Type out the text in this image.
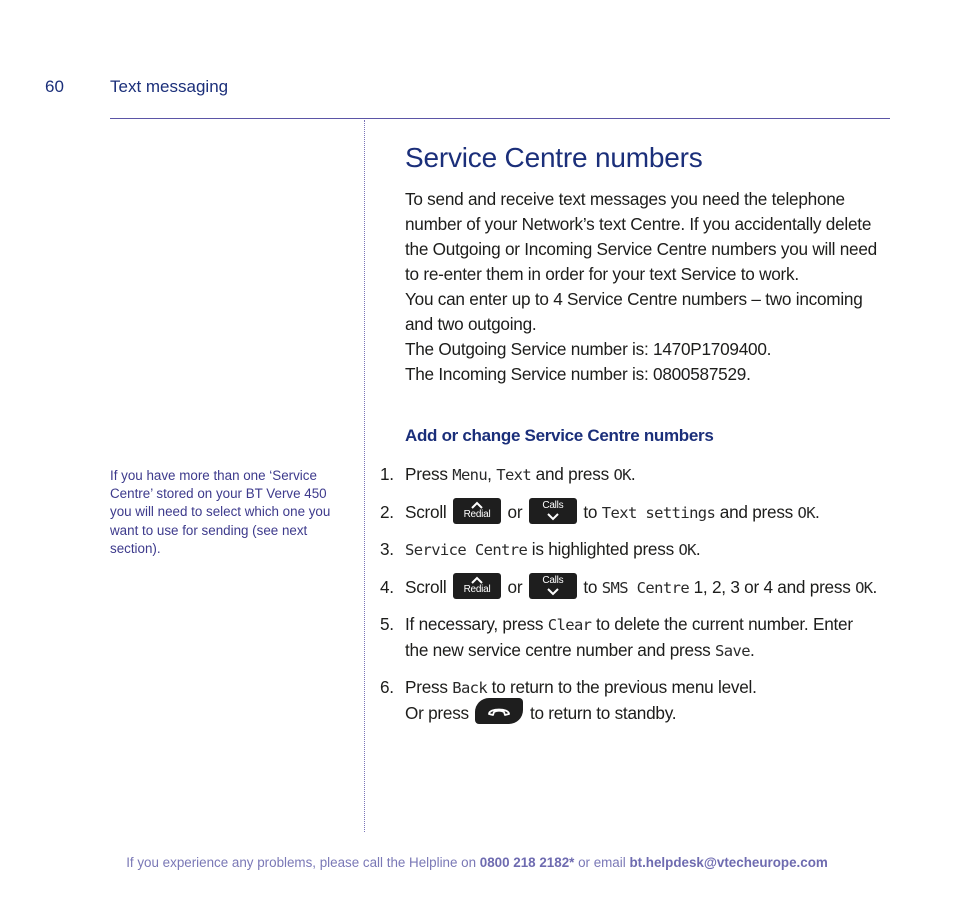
60	Text messaging
If you have more than one ‘Service Centre’ stored on your BT Verve 450 you will need to select which one you want to use for sending (see next section).
Service Centre numbers

To send and receive text messages you need the telephone number of your Network’s text Centre. If you accidentally delete the Outgoing or Incoming Service Centre numbers you will need to re-enter them in order for your text Service to work.

You can enter up to 4 Service Centre numbers – two incoming and two outgoing.

The Outgoing Service number is: 1470P1709400.

The Incoming Service number is: 0800587529.

Add or change Service Centre numbers
1. Press Menu, Text and press OK.
2. Scroll	Redial or	Calls to Text settings and press OK.
3. Service Centre is highlighted press OK.
4. Scroll	Redial or	Calls to SMS Centre 1, 2, 3 or 4 and press OK.
5. If necessary, press Clear to delete the current number. Enter
the new service centre number and press Save.
6. Press Back to return to the previous menu level.
Or press	to return to standby.
If you experience any problems, please call the Helpline on 0800 218 2182* or email bt.helpdesk@vtecheurope.com
